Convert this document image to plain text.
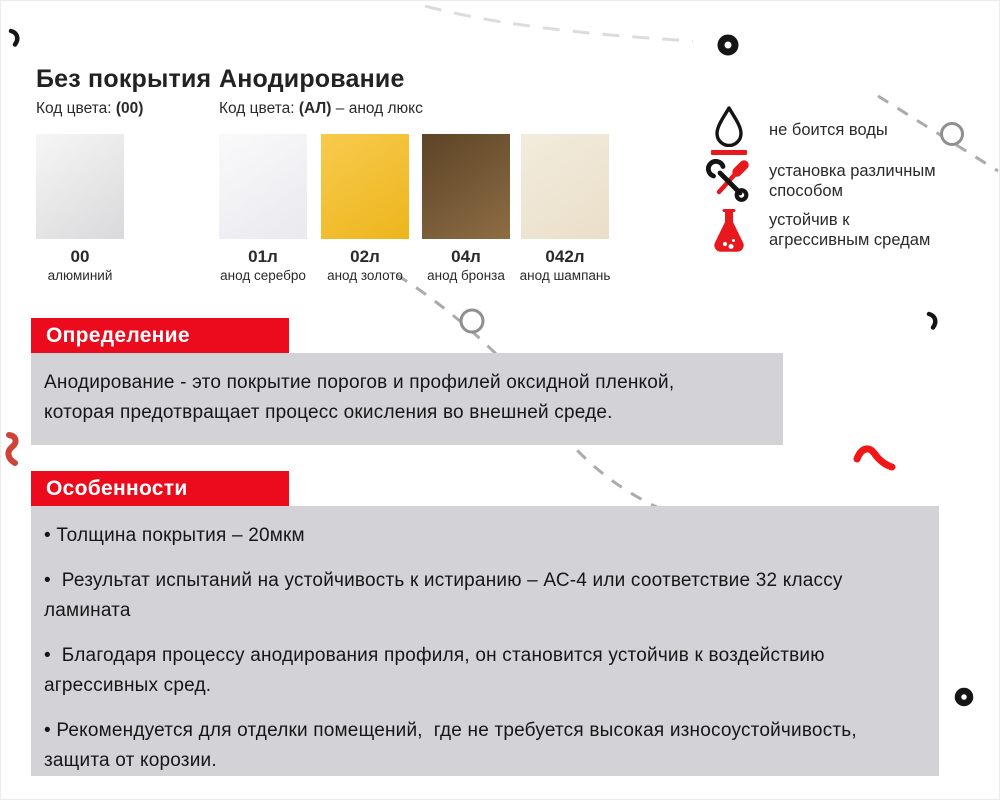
Без покрытия

Код цвета: (00)

Анодирование

Код цвета: (АЛ) – анод люкс

00
алюминий
01л
анод серебро
02л
анод золото
04л
анод бронза
042л
анод шампань

не боится воды

установка различным способом

устойчив к агрессивным средам

Определение

Анодирование - это покрытие порогов и профилей оксидной пленкой, которая предотвращает процесс окисления во внешней среде.

Особенности

• Толщина покрытия – 20мкм

•  Результат испытаний на устойчивость к истиранию – АС-4 или соответствие 32 классу ламината

•  Благодаря процессу анодирования профиля, он становится устойчив к воздействию агрессивных сред.

• Рекомендуется для отделки помещений,  где не требуется высокая износоустойчивость, защита от корозии.
